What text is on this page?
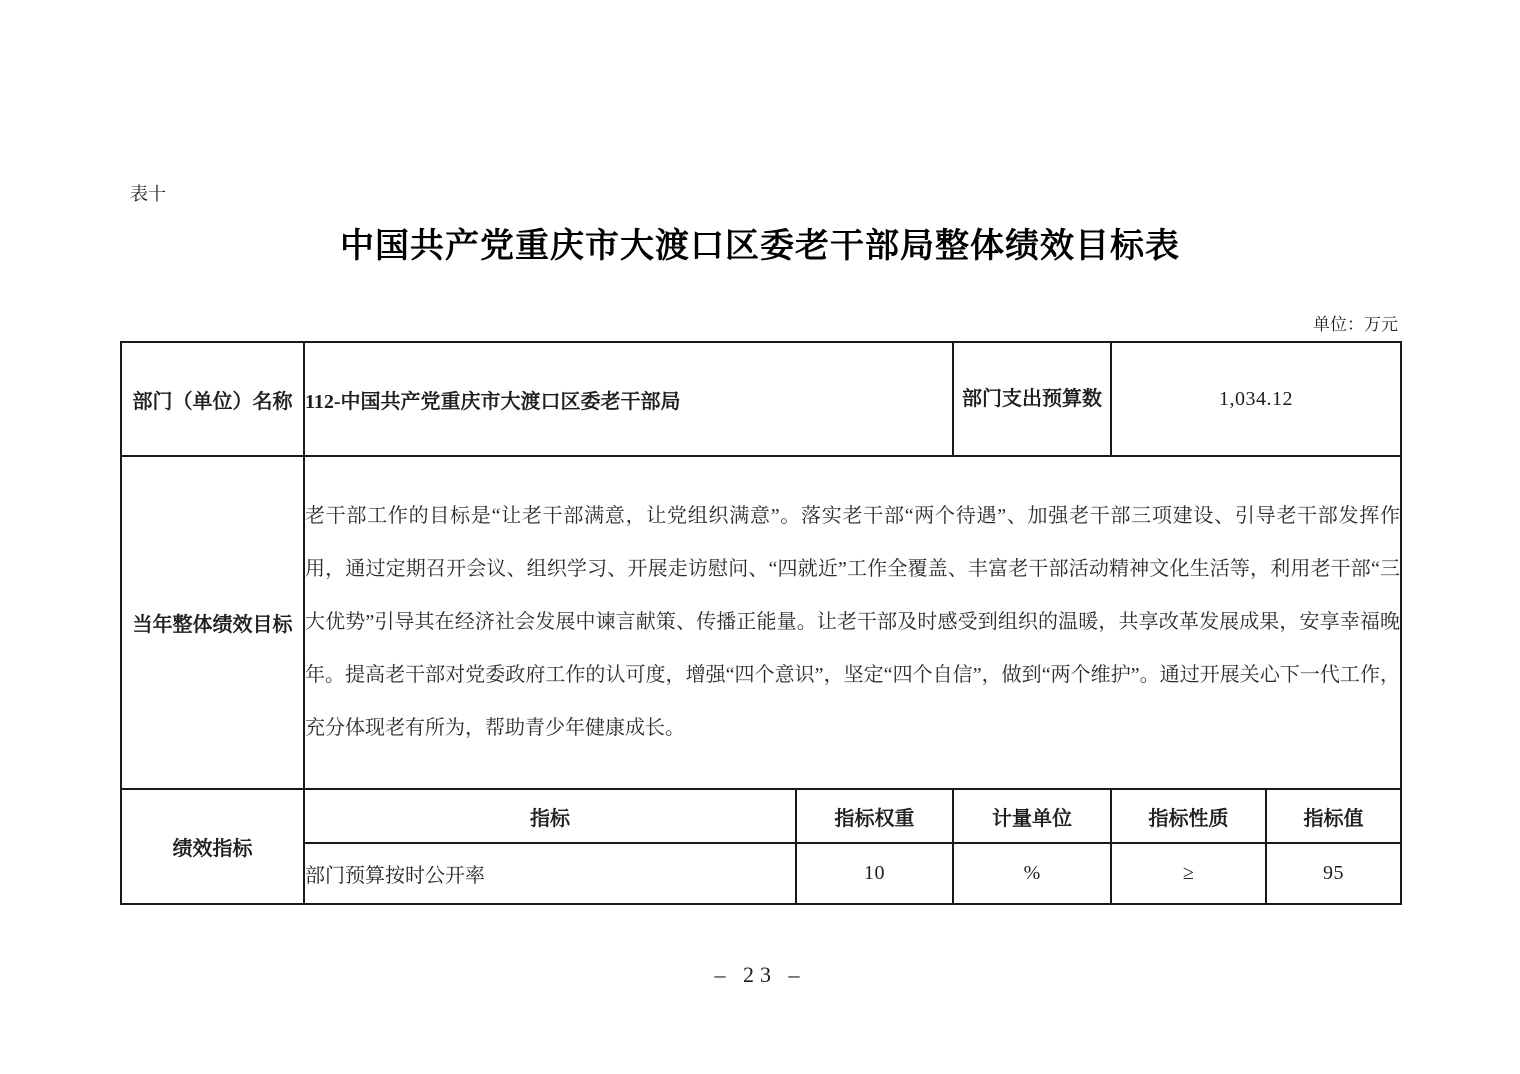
表十
中国共产党重庆市大渡口区委老干部局整体绩效目标表
单位：万元
部门（单位）名称	112-中国共产党重庆市大渡口区委老干部局		部门支出预算数	1,034.12	
当年整体绩效目标	老干部工作的目标是“让老干部满意，让党组织满意”。落实老干部“两个待遇”、加强老干部三项建设、引导老干部发挥作用，通过定期召开会议、组织学习、开展走访慰问、“四就近”工作全覆盖、丰富老干部活动精神文化生活等，利用老干部“三大优势”引导其在经济社会发展中谏言献策、传播正能量。让老干部及时感受到组织的温暖，共享改革发展成果，安享幸福晚年。提高老干部对党委政府工作的认可度，增强“四个意识”，坚定“四个自信”，做到“两个维护”。通过开展关心下一代工作，充分体现老有所为，帮助青少年健康成长。				

绩效指标	指标	指标权重	计量单位	指标性质	指标值
	部门预算按时公开率	10	%	≥	95
– 23 –
